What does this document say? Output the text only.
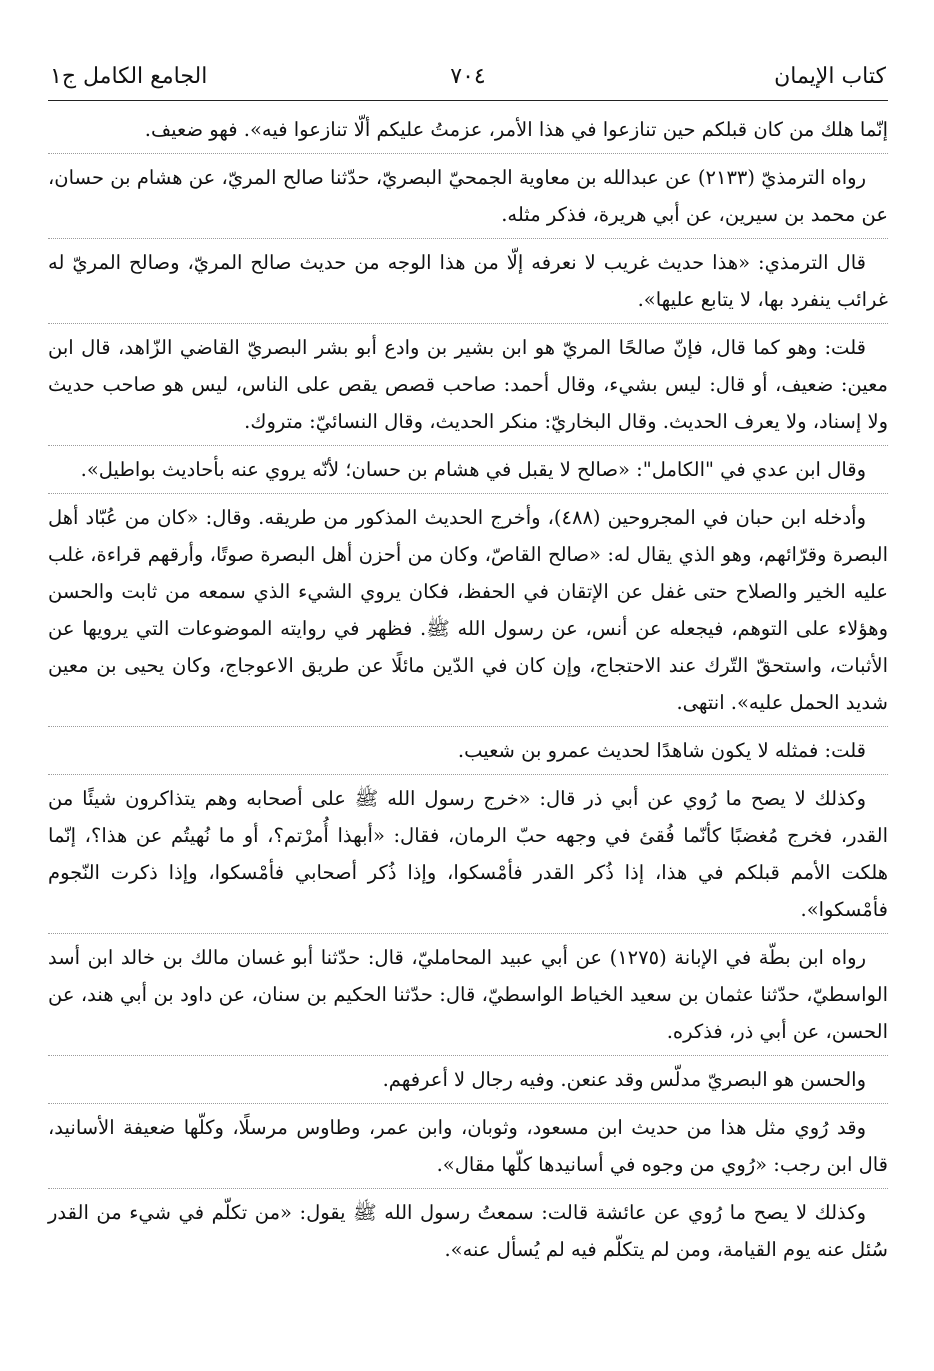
كتاب الإيمان
٧٠٤
الجامع الكامل ج١

إنّما هلك من كان قبلكم حين تنازعوا في هذا الأمر، عزمتُ عليكم ألّا تنازعوا فيه». فهو ضعيف.

رواه الترمذيّ (٢١٣٣) عن عبدالله بن معاوية الجمحيّ البصريّ، حدّثنا صالح المريّ، عن هشام بن حسان، عن محمد بن سيرين، عن أبي هريرة، فذكر مثله.

قال الترمذي: «هذا حديث غريب لا نعرفه إلّا من هذا الوجه من حديث صالح المريّ، وصالح المريّ له غرائب ينفرد بها، لا يتابع عليها».

قلت: وهو كما قال، فإنّ صالحًا المريّ هو ابن بشير بن وادع أبو بشر البصريّ القاضي الزّاهد، قال ابن معين: ضعيف، أو قال: ليس بشيء، وقال أحمد: صاحب قصص يقص على الناس، ليس هو صاحب حديث ولا إسناد، ولا يعرف الحديث. وقال البخاريّ: منكر الحديث، وقال النسائيّ: متروك.

وقال ابن عدي في "الكامل": «صالح لا يقبل في هشام بن حسان؛ لأنّه يروي عنه بأحاديث بواطيل».

وأدخله ابن حبان في المجروحين (٤٨٨)، وأخرج الحديث المذكور من طريقه. وقال: «كان من عُبّاد أهل البصرة وقرّائهم، وهو الذي يقال له: «صالح القاصّ، وكان من أحزن أهل البصرة صوتًا، وأرقهم قراءة، غلب عليه الخير والصلاح حتى غفل عن الإتقان في الحفظ، فكان يروي الشيء الذي سمعه من ثابت والحسن وهؤلاء على التوهم، فيجعله عن أنس، عن رسول الله ﷺ. فظهر في روايته الموضوعات التي يرويها عن الأثبات، واستحقّ التّرك عند الاحتجاج، وإن كان في الدّين مائلًا عن طريق الاعوجاج، وكان يحيى بن معين شديد الحمل عليه». انتهى.

قلت: فمثله لا يكون شاهدًا لحديث عمرو بن شعيب.

وكذلك لا يصح ما رُوي عن أبي ذر قال: «خرج رسول الله ﷺ على أصحابه وهم يتذاكرون شيئًا من القدر، فخرج مُغضبًا كأنّما فُقئ في وجهه حبّ الرمان، فقال: «أبهذا أُمرْتم؟، أو ما نُهيتُم عن هذا؟، إنّما هلكت الأمم قبلكم في هذا، إذا ذُكر القدر فأمْسكوا، وإذا ذُكر أصحابي فأمْسكوا، وإذا ذكرت النّجوم فأمْسكوا».

رواه ابن بطّة في الإبانة (١٢٧٥) عن أبي عبيد المحامليّ، قال: حدّثنا أبو غسان مالك بن خالد ابن أسد الواسطيّ، حدّثنا عثمان بن سعيد الخياط الواسطيّ، قال: حدّثنا الحكيم بن سنان، عن داود بن أبي هند، عن الحسن، عن أبي ذر، فذكره.

والحسن هو البصريّ مدلّس وقد عنعن. وفيه رجال لا أعرفهم.

وقد رُوي مثل هذا من حديث ابن مسعود، وثوبان، وابن عمر، وطاوس مرسلًا، وكلّها ضعيفة الأسانيد، قال ابن رجب: «رُوي من وجوه في أسانيدها كلّها مقال».

وكذلك لا يصح ما رُوي عن عائشة قالت: سمعتُ رسول الله ﷺ يقول: «من تكلّم في شيء من القدر سُئل عنه يوم القيامة، ومن لم يتكلّم فيه لم يُسأل عنه».
